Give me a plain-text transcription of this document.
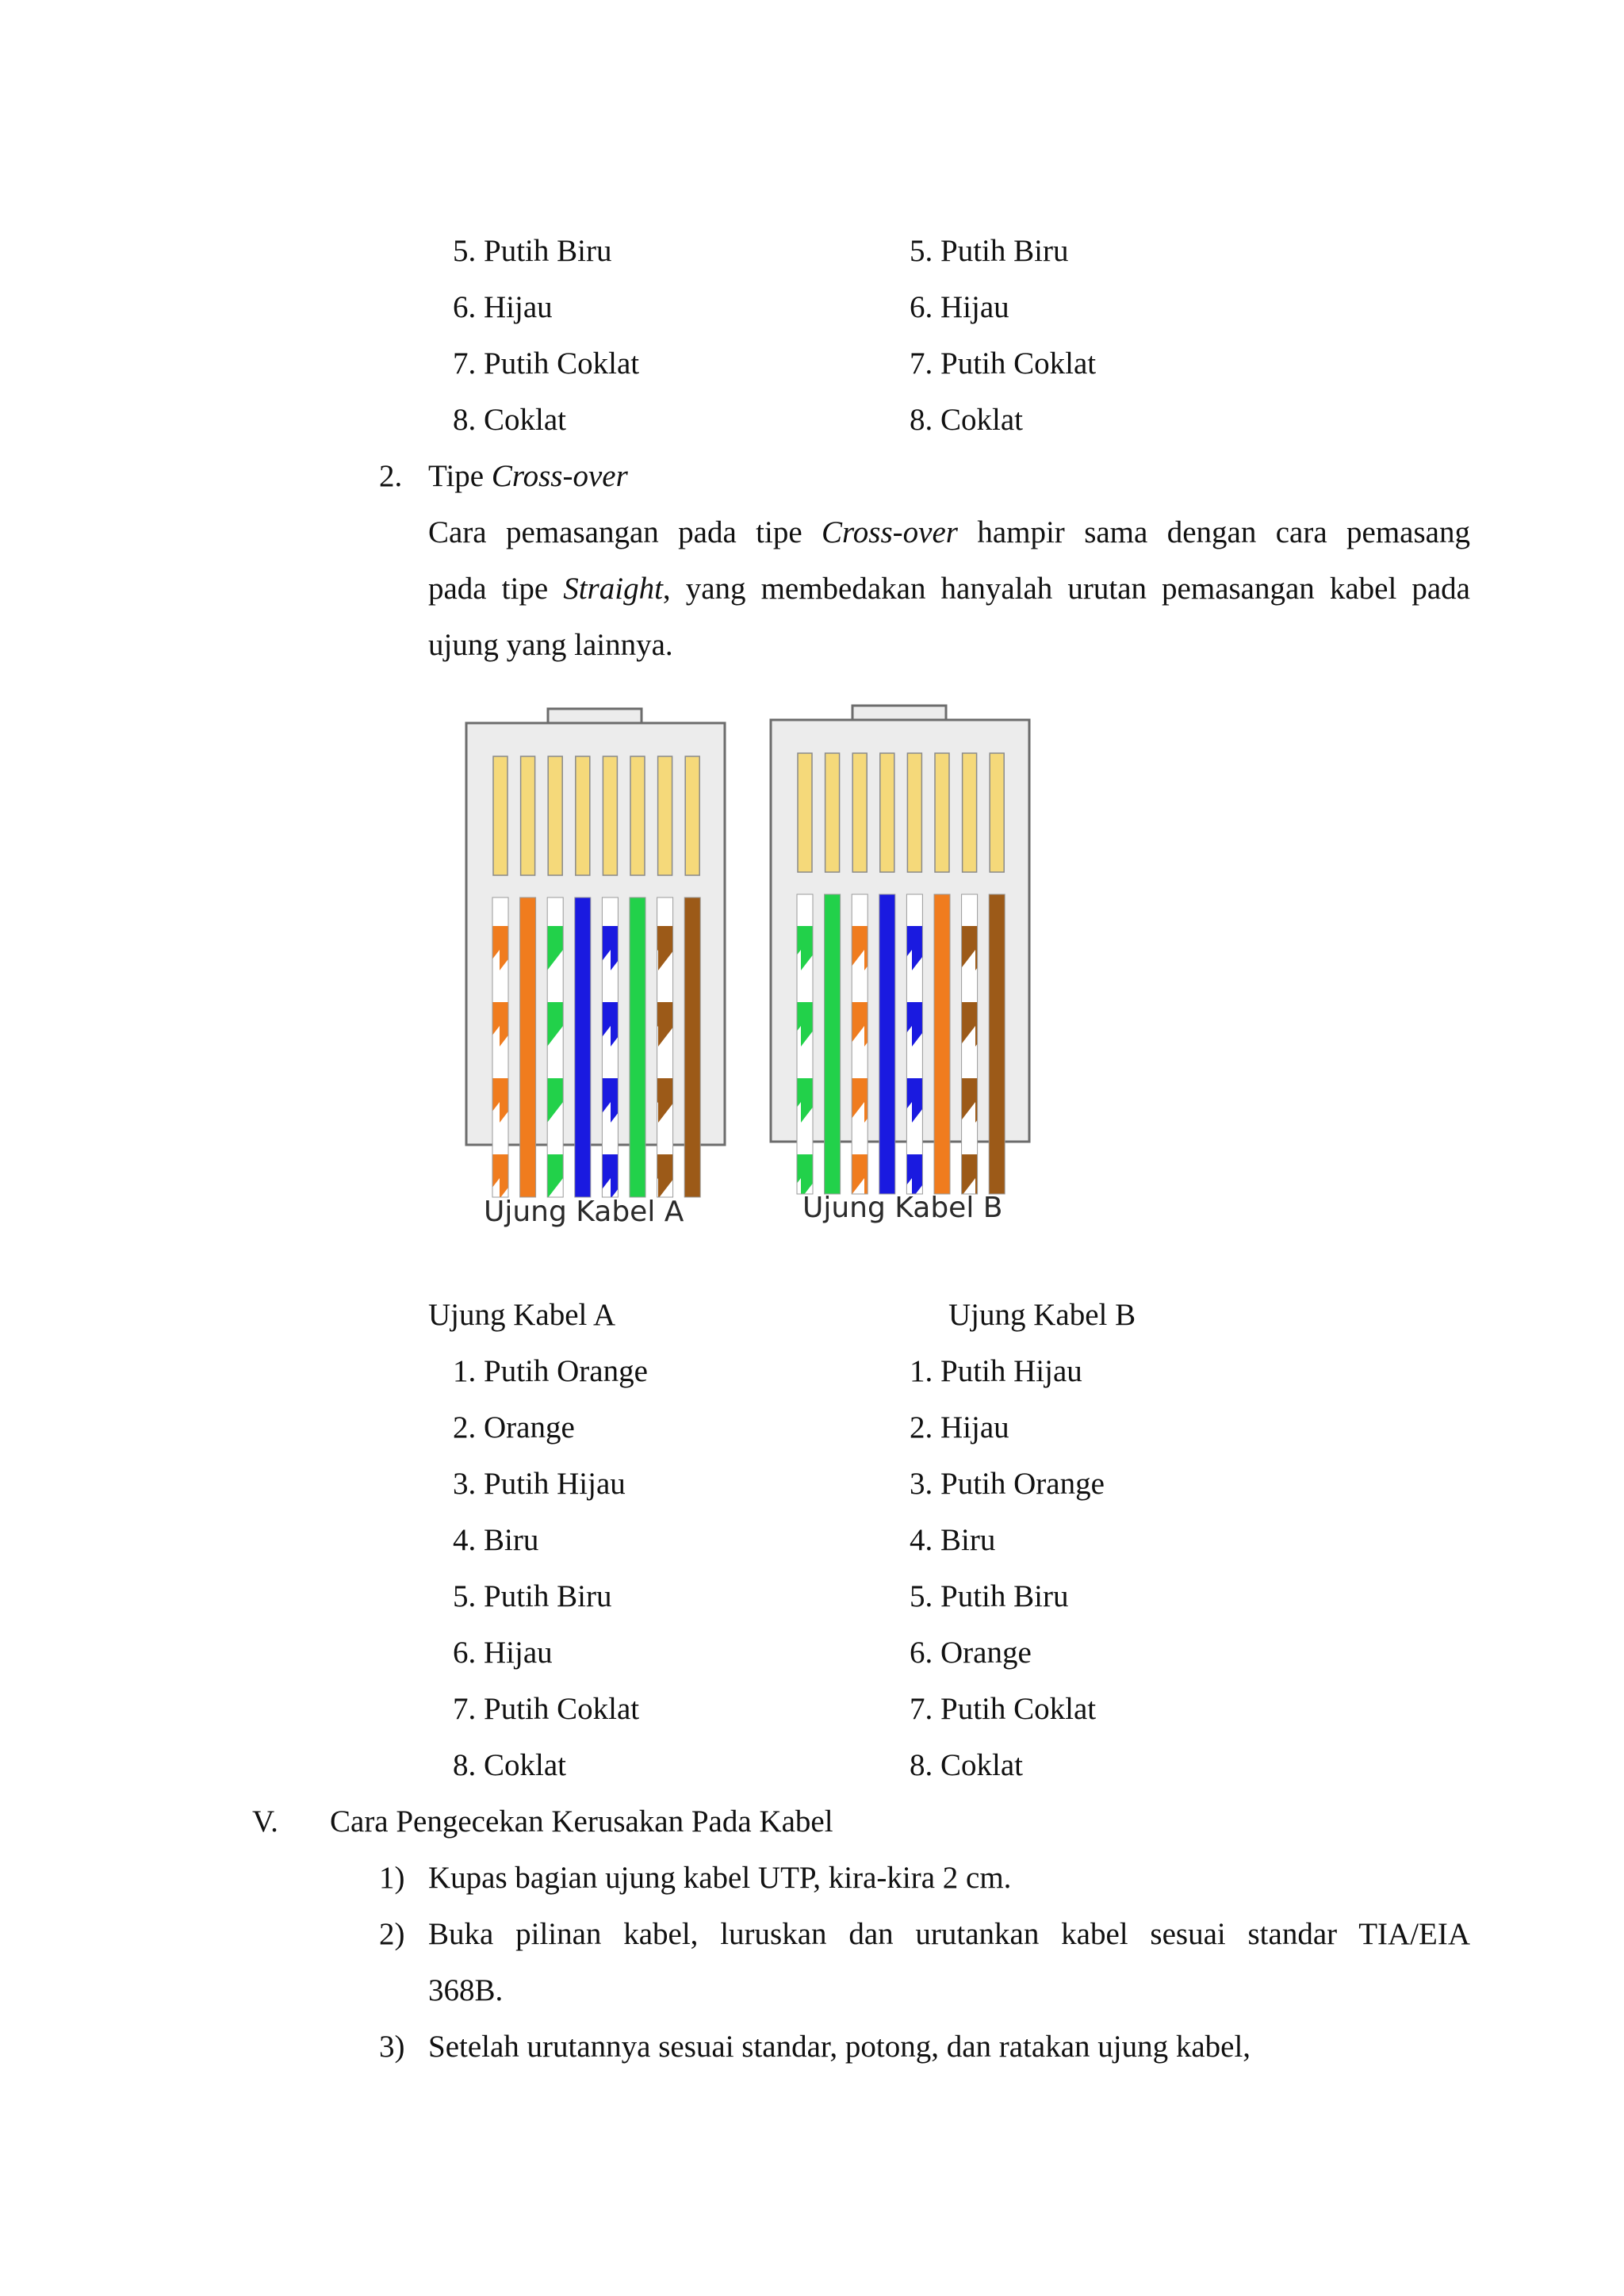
5. Putih Biru
6. Hijau
7. Putih Coklat
8. Coklat
5. Putih Biru
6. Hijau
7. Putih Coklat
8. Coklat
2. Tipe Cross-over
Cara pemasangan pada tipe Cross-over hampir sama dengan cara pemasang
pada tipe Straight, yang membedakan hanyalah urutan pemasangan kabel pada
ujung yang lainnya.
Ujung Kabel A	Ujung Kabel B
Ujung Kabel A	Ujung Kabel B
1. Putih Orange
2. Orange
3. Putih Hijau
4. Biru
5. Putih Biru
6. Hijau
7. Putih Coklat
8. Coklat
1. Putih Hijau
2. Hijau
3. Putih Orange
4. Biru
5. Putih Biru
6. Orange
7. Putih Coklat
8. Coklat
V. Cara Pengecekan Kerusakan Pada Kabel
1) Kupas bagian ujung kabel UTP, kira-kira 2 cm.
2) Buka pilinan kabel, luruskan dan urutankan kabel sesuai standar TIA/EIA
368B.
3) Setelah urutannya sesuai standar, potong, dan ratakan ujung kabel,
